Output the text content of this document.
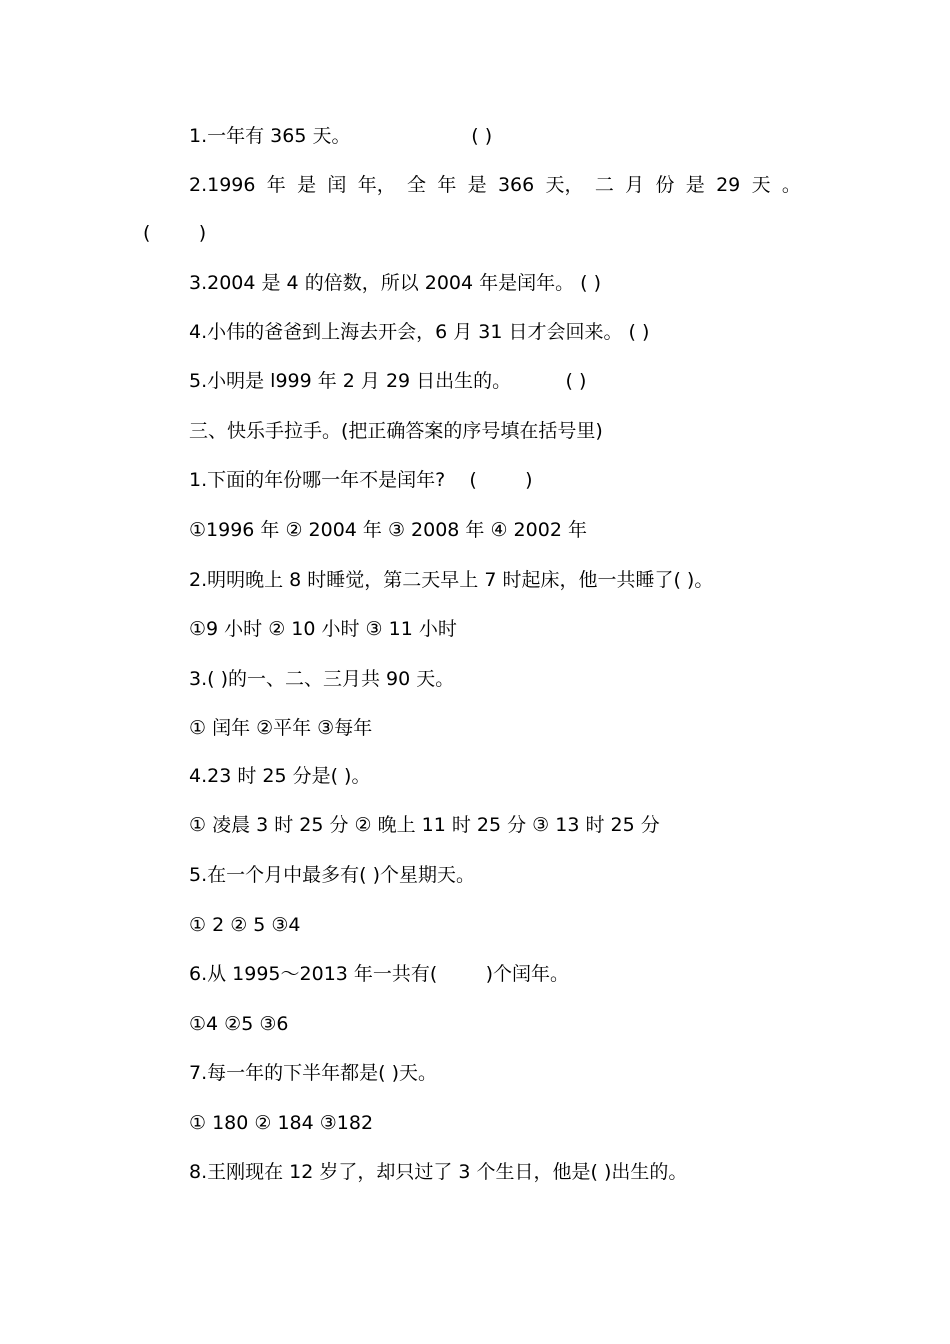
1.一年有 365 天。                    ( )
2.1996 年 是 闰 年， 全 年 是 366 天， 二 月 份 是 29 天 。
(        )
3.2004 是 4 的倍数，所以 2004 年是闰年。 ( )
4.小伟的爸爸到上海去开会，6 月 31 日才会回来。 ( )
5.小明是 l999 年 2 月 29 日出生的。         ( )
三、快乐手拉手。(把正确答案的序号填在括号里)
1.下面的年份哪一年不是闰年?    (        )
①1996 年 ② 2004 年 ③ 2008 年 ④ 2002 年
2.明明晚上 8 时睡觉，第二天早上 7 时起床，他一共睡了( )。
①9 小时 ② 10 小时 ③ 11 小时
3.( )的一、二、三月共 90 天。
① 闰年 ②平年 ③每年
4.23 时 25 分是( )。
① 凌晨 3 时 25 分 ② 晚上 11 时 25 分 ③ 13 时 25 分
5.在一个月中最多有( )个星期天。
① 2 ② 5 ③4
6.从 1995～2013 年一共有(        )个闰年。
①4 ②5 ③6
7.每一年的下半年都是( )天。
① 180 ② 184 ③182
8.王刚现在 12 岁了，却只过了 3 个生日，他是( )出生的。
